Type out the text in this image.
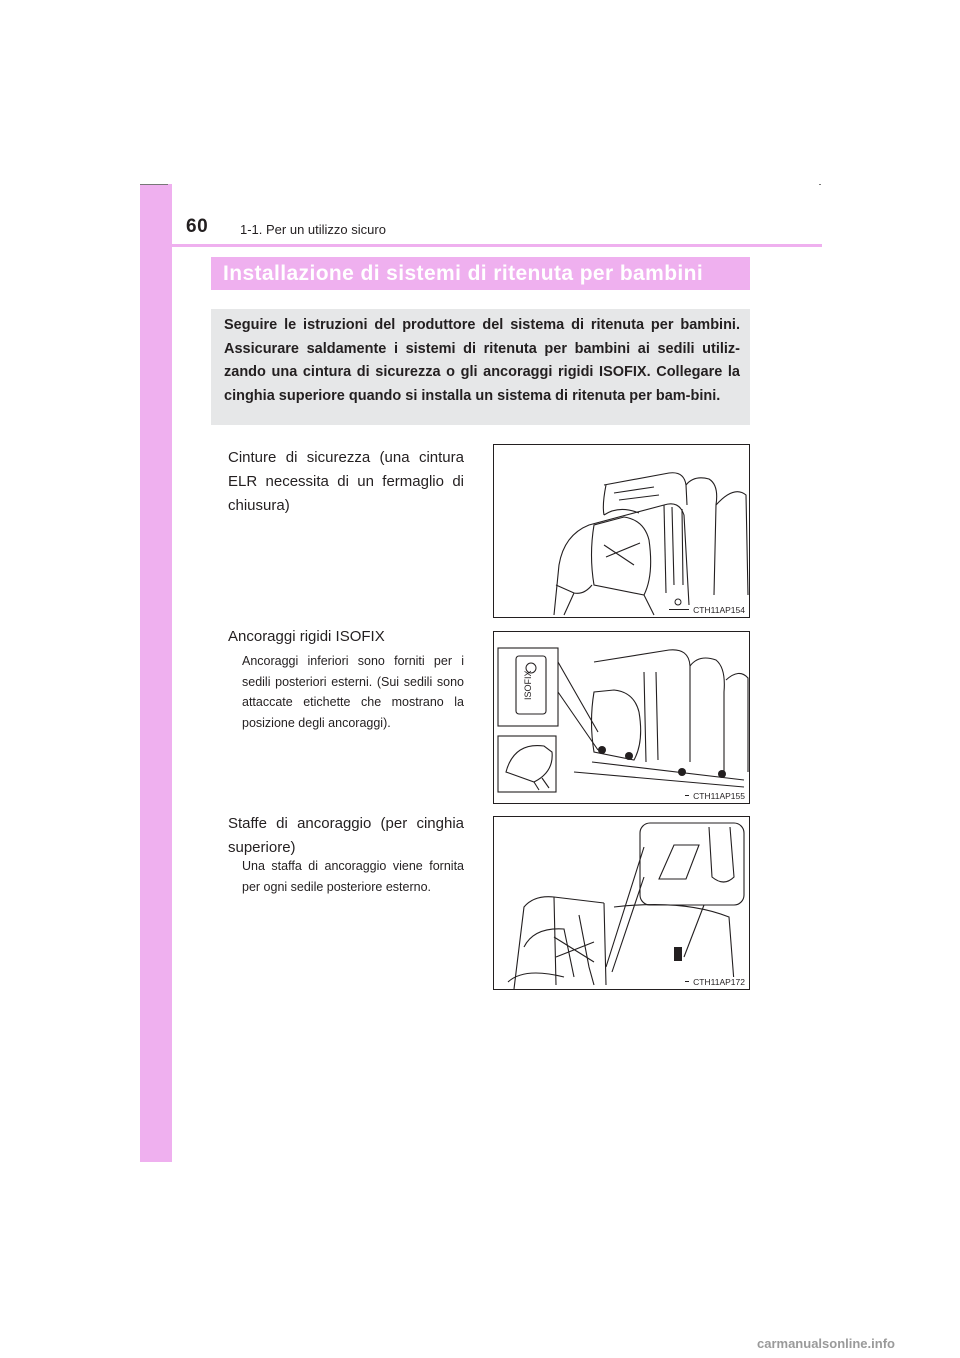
60 1-1. Per un utilizzo sicuro
Installazione di sistemi di ritenuta per bambini
Seguire le istruzioni del produttore del sistema di ritenuta per bambini. Assicurare saldamente i sistemi di ritenuta per bambini ai sedili utiliz-zando una cintura di sicurezza o gli ancoraggi rigidi ISOFIX. Collegare la cinghia superiore quando si installa un sistema di ritenuta per bam-bini.
Cinture di sicurezza (una cintura ELR necessita di un fermaglio di chiusura)
CTH11AP154
Ancoraggi rigidi ISOFIX
Ancoraggi inferiori sono forniti per i sedili posteriori esterni. (Sui sedili sono attaccate etichette che mostrano la posizione degli ancoraggi).
ISOFIX
CTH11AP155
Staffe di ancoraggio (per cinghia superiore)
Una staffa di ancoraggio viene fornita per ogni sedile posteriore esterno.
CTH11AP172
carmanualsonline.info
